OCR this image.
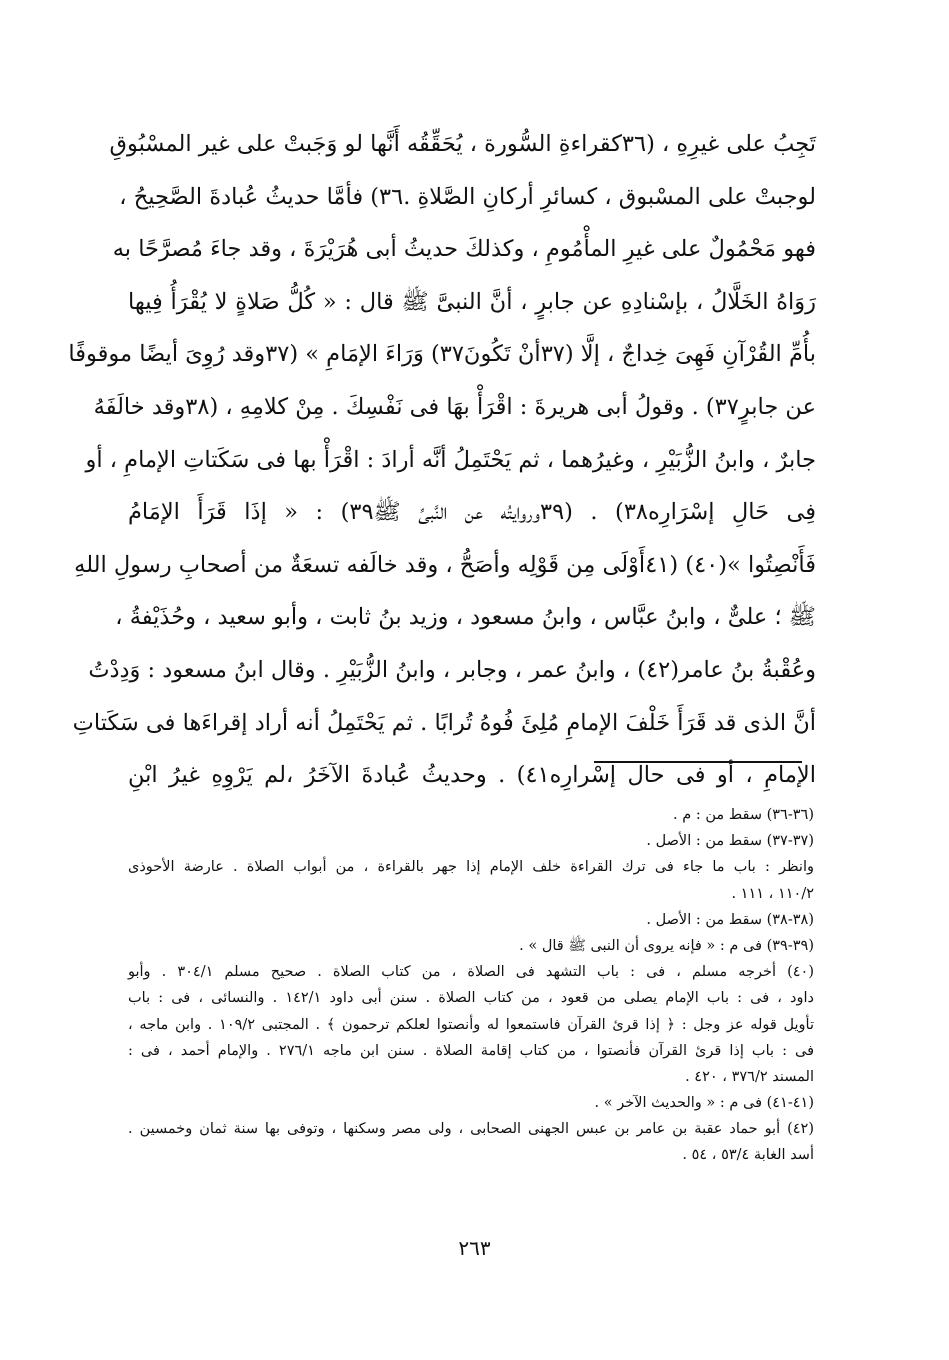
تَجِبُ على غيرِهِ ، (٣٦كقراءةِ السُّورة ، يُحَقِّقُه أَنَّها لو وَجَبتْ على غير المسْبُوقِ
لوجبتْ على المسْبوق ، كسائرِ أركانِ الصَّلاةِ .٣٦) فأمَّا حديثُ عُبادةَ الصَّحِيحُ ،
فهو مَحْمُولٌ على غيرِ المأْمُومِ ، وكذلكَ حديثُ أبى هُرَيْرَةَ ، وقد جاءَ مُصرَّحًا به
رَوَاهُ الخَلَّالُ ، بإسْنادِهِ عن جابرٍ ، أنَّ النبىَّ ﷺ قال : « كُلُّ صَلاةٍ لا يُقْرَأُ فِيها
بأُمِّ القُرْآنِ فَهِىَ خِداجٌ ، إلَّا (٣٧أنْ تَكُونَ٣٧) وَرَاءَ الإمَامِ » (٣٧وقد رُوِىَ أيضًا موقوفًا
عن جابرٍ٣٧) . وقولُ أبى هريرةَ : اقْرَأْ بهَا فى نَفْسِكَ . مِنْ كلامِهِ ، (٣٨وقد خالَفَهُ
جابرٌ ، وابنُ الزُّبَيْرِ ، وغيرُهما ، ثم يَحْتَمِلُ أنَّه أرادَ : اقْرَأْ بها فى سَكَتاتِ الإمامِ ، أو
فِى حَالِ إسْرَارِه٣٨) . (٣٩وروايتُه عن النَّبىِّ ﷺ٣٩) : « إذَا قَرَأَ الإمَامُ
فَأَنْصِتُوا »(٤٠) (٤١أَوْلَى مِن قَوْلِه وأصَحُّ ، وقد خالَفه تسعَةٌ من أصحابِ رسولِ اللهِ
ﷺ ؛ علىٌّ ، وابنُ عبَّاس ، وابنُ مسعود ، وزيد بنُ ثابت ، وأبو سعيد ، وحُذَيْفةُ ،
وعُقْبةُ بنُ عامر(٤٢) ، وابنُ عمر ، وجابر ، وابنُ الزُّبَيْرِ . وقال ابنُ مسعود : وَدِدْتُ
أنَّ الذى قد قَرَأَ خَلْفَ الإمامِ مُلِئَ فُوهُ تُرابًا . ثم يَحْتَمِلُ أنه أراد إقراءَها فى سَكَتاتِ
الإمامِ ، أو فى حال إسْرارِه٤١) . وحديثُ عُبادةَ الآخَرُ ،لم يَرْوِهِ غيرُ ابْنِ
(٣٦-٣٦) سقط من : م .
(٣٧-٣٧) سقط من : الأصل .
وانظر : باب ما جاء فى ترك القراءة خلف الإمام إذا جهر بالقراءة ، من أبواب الصلاة . عارضة الأحوذى
١١٠/٢ ، ١١١ .
(٣٨-٣٨) سقط من : الأصل .
(٣٩-٣٩) فى م : « فإنه يروى أن النبى ﷺ قال » .
(٤٠) أخرجه مسلم ، فى : باب التشهد فى الصلاة ، من كتاب الصلاة . صحيح مسلم ٣٠٤/١ . وأبو
داود ، فى : باب الإمام يصلى من قعود ، من كتاب الصلاة . سنن أبى داود ١٤٢/١ . والنسائى ، فى : باب
تأويل قوله عز وجل : ﴿ إذا قرئ القرآن فاستمعوا له وأنصتوا لعلكم ترحمون ﴾ . المجتبى ١٠٩/٢ . وابن ماجه ،
فى : باب إذا قرئ القرآن فأنصتوا ، من كتاب إقامة الصلاة . سنن ابن ماجه ٢٧٦/١ . والإمام أحمد ، فى :
المسند ٣٧٦/٢ ، ٤٢٠ .
(٤١-٤١) فى م : « والحديث الآخر » .
(٤٢) أبو حماد عقبة بن عامر بن عبس الجهنى الصحابى ، ولى مصر وسكنها ، وتوفى بها سنة ثمان وخمسين .
أسد الغابة ٥٣/٤ ، ٥٤ .
٢٦٣
